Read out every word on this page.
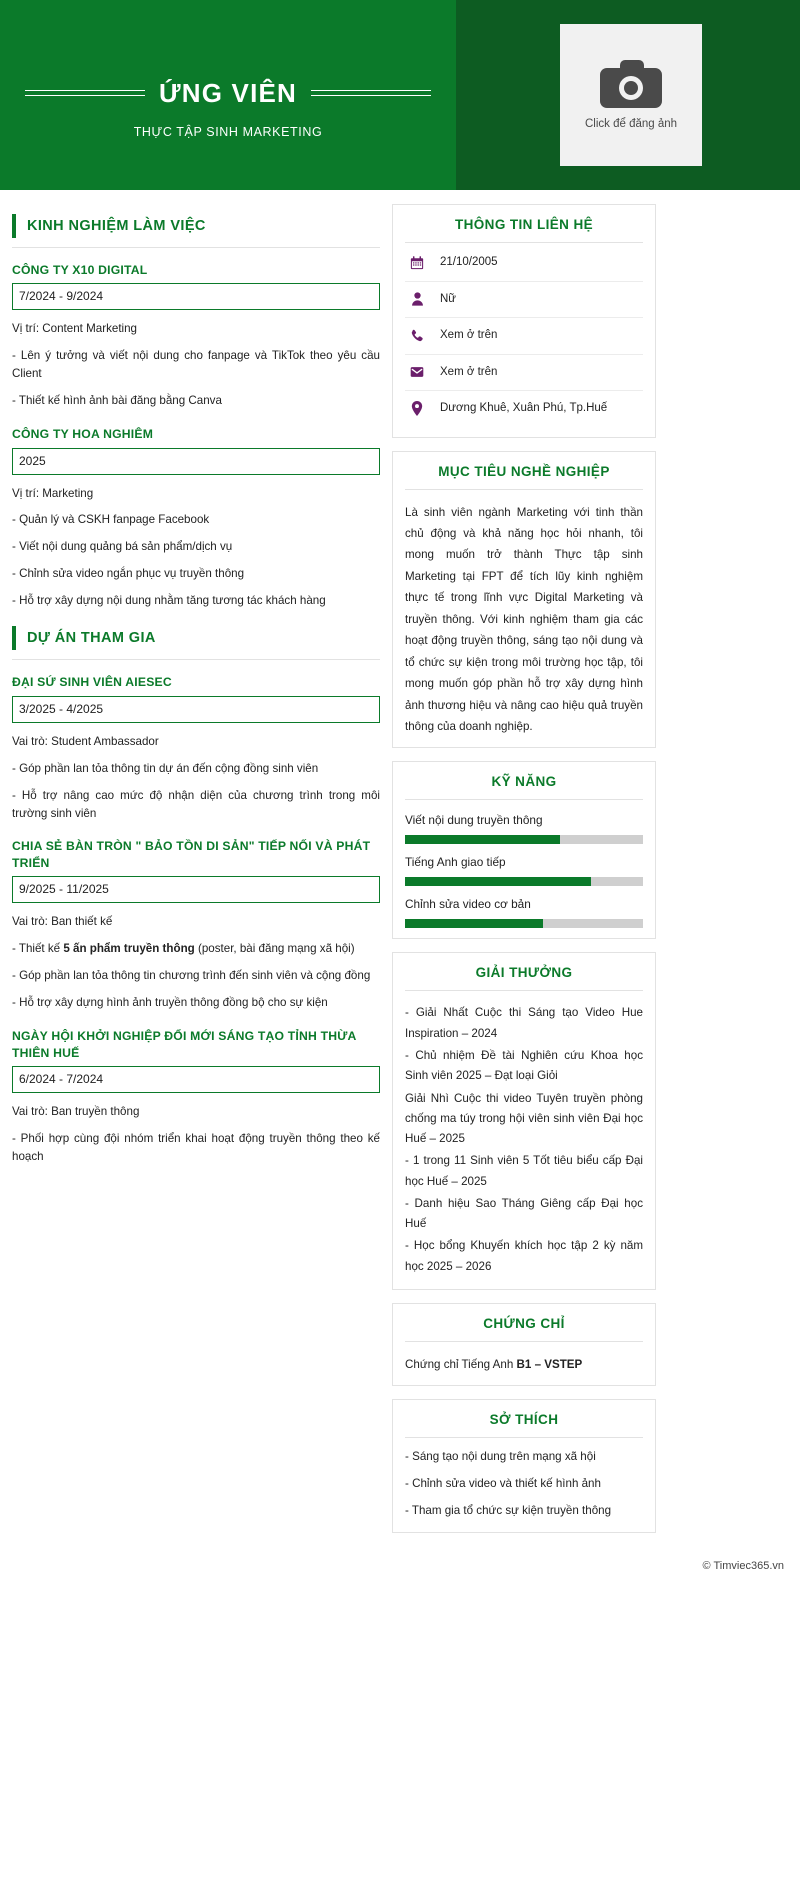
ỨNG VIÊN
THỰC TẬP SINH MARKETING
Click để đăng ảnh
KINH NGHIỆM LÀM VIỆC
CÔNG TY X10 DIGITAL
7/2024 - 9/2024
Vị trí: Content Marketing
- Lên ý tưởng và viết nội dung cho fanpage và TikTok theo yêu cầu Client
- Thiết kế hình ảnh bài đăng bằng Canva
CÔNG TY HOA NGHIÊM
2025
Vị trí: Marketing
- Quản lý và CSKH fanpage Facebook
- Viết nội dung quảng bá sản phẩm/dịch vụ
- Chỉnh sửa video ngắn phục vụ truyền thông
- Hỗ trợ xây dựng nội dung nhằm tăng tương tác khách hàng
DỰ ÁN THAM GIA
ĐẠI SỨ SINH VIÊN AIESEC
3/2025 - 4/2025
Vai trò: Student Ambassador
- Góp phần lan tỏa thông tin dự án đến cộng đồng sinh viên
- Hỗ trợ nâng cao mức độ nhận diện của chương trình trong môi trường sinh viên
CHIA SẺ BÀN TRÒN " BẢO TỒN DI SẢN" TIẾP NỐI VÀ PHÁT TRIỂN
9/2025 - 11/2025
Vai trò: Ban thiết kế
- Thiết kế 5 ấn phẩm truyền thông (poster, bài đăng mạng xã hội)
- Góp phần lan tỏa thông tin chương trình đến sinh viên và cộng đồng
- Hỗ trợ xây dựng hình ảnh truyền thông đồng bộ cho sự kiện
NGÀY HỘI KHỞI NGHIỆP ĐỔI MỚI SÁNG TẠO TỈNH THỪA THIÊN HUẾ
6/2024 - 7/2024
Vai trò: Ban truyền thông
- Phối hợp cùng đội nhóm triển khai hoạt động truyền thông theo kế hoạch
THÔNG TIN LIÊN HỆ
21/10/2005
Nữ
Xem ở trên
Xem ở trên
Dương Khuê, Xuân Phú, Tp.Huế
MỤC TIÊU NGHỀ NGHIỆP
Là sinh viên ngành Marketing với tinh thần chủ động và khả năng học hỏi nhanh, tôi mong muốn trở thành Thực tập sinh Marketing tại FPT để tích lũy kinh nghiệm thực tế trong lĩnh vực Digital Marketing và truyền thông. Với kinh nghiệm tham gia các hoạt động truyền thông, sáng tạo nội dung và tổ chức sự kiện trong môi trường học tập, tôi mong muốn góp phần hỗ trợ xây dựng hình ảnh thương hiệu và nâng cao hiệu quả truyền thông của doanh nghiệp.
KỸ NĂNG
Viết nội dung truyền thông
Tiếng Anh giao tiếp
Chỉnh sửa video cơ bản
GIẢI THƯỞNG
- Giải Nhất Cuộc thi Sáng tạo Video Hue Inspiration – 2024
- Chủ nhiệm Đề tài Nghiên cứu Khoa học Sinh viên 2025 – Đạt loại Giỏi
Giải Nhì Cuộc thi video Tuyên truyền phòng chống ma túy trong hội viên sinh viên Đại học Huế – 2025
- 1 trong 11 Sinh viên 5 Tốt tiêu biểu cấp Đại học Huế – 2025
- Danh hiệu Sao Tháng Giêng cấp Đại học Huế
- Học bổng Khuyến khích học tập 2 kỳ năm học 2025 – 2026
CHỨNG CHỈ
Chứng chỉ Tiếng Anh B1 – VSTEP
SỞ THÍCH
- Sáng tạo nội dung trên mạng xã hội
- Chỉnh sửa video và thiết kế hình ảnh
- Tham gia tổ chức sự kiện truyền thông
© Timviec365.vn
